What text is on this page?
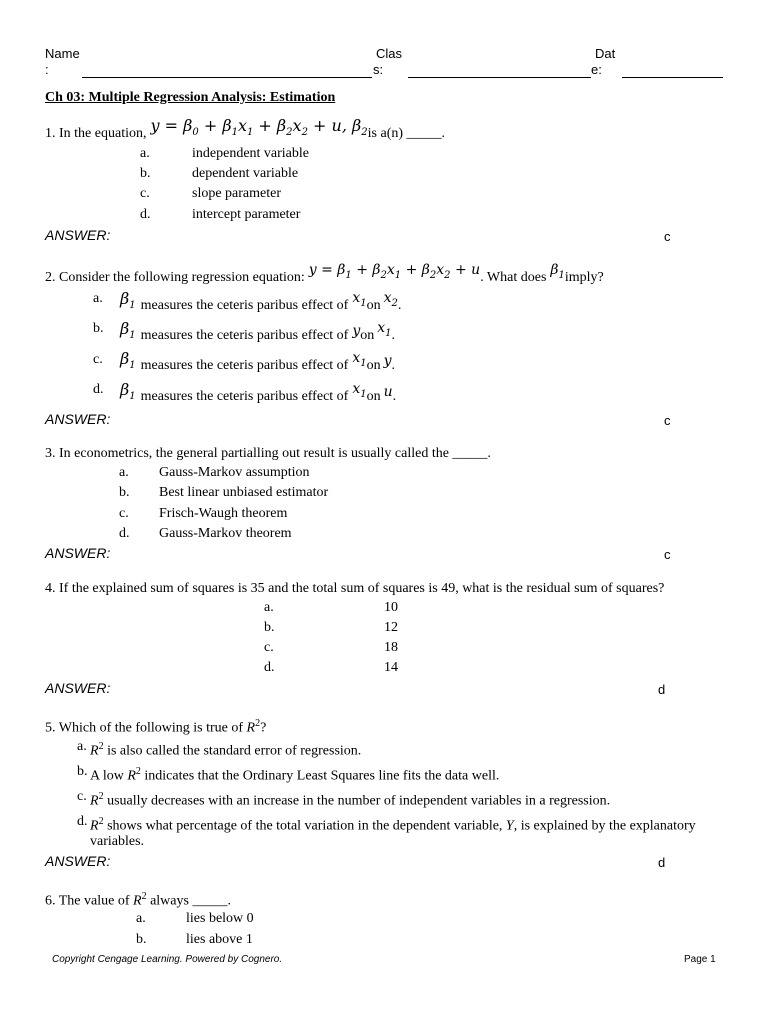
Name
:
Clas
s:
Dat
e:
Ch 03: Multiple Regression Analysis: Estimation
1. In the equation, $y = \beta_0 + \beta_1x_1 + \beta_2x_2 + u$, $\beta_2$ is a(n) _____.
a.	independent variable
b.	dependent variable
c.	slope parameter
d.	intercept parameter
ANSWER:	c
2. Consider the following regression equation: $y = \beta_1 + \beta_2x_1 + \beta_2x_2 + u$ . What does $\beta_1$ imply?
a. $\beta_1$ measures the ceteris paribus effect of $x_1$ on $x_2$ .
b. $\beta_1$ measures the ceteris paribus effect of y on $x_1$ .
c. $\beta_1$ measures the ceteris paribus effect of $x_1$ on y .
d. $\beta_1$ measures the ceteris paribus effect of $x_1$ on u .
ANSWER:	c
3. In econometrics, the general partialling out result is usually called the _____.
a. Gauss-Markov assumption
b. Best linear unbiased estimator
c. Frisch-Waugh theorem
d. Gauss-Markov theorem
ANSWER:	c
4. If the explained sum of squares is 35 and the total sum of squares is 49, what is the residual sum of squares?
a.	10
b.	12
c.	18
d.	14
ANSWER:	d
5. Which of the following is true of $R^2$?
a. $R^2$ is also called the standard error of regression.
b. A low $R^2$ indicates that the Ordinary Least Squares line fits the data well.
c. $R^2$ usually decreases with an increase in the number of independent variables in a regression.
d. $R^2$ shows what percentage of the total variation in the dependent variable, Y, is explained by the explanatory
variables.
ANSWER:	d
6. The value of $R^2$ always _____.
a.	lies below 0
b.	lies above 1
Copyright Cengage Learning. Powered by Cognero.	Page 1
